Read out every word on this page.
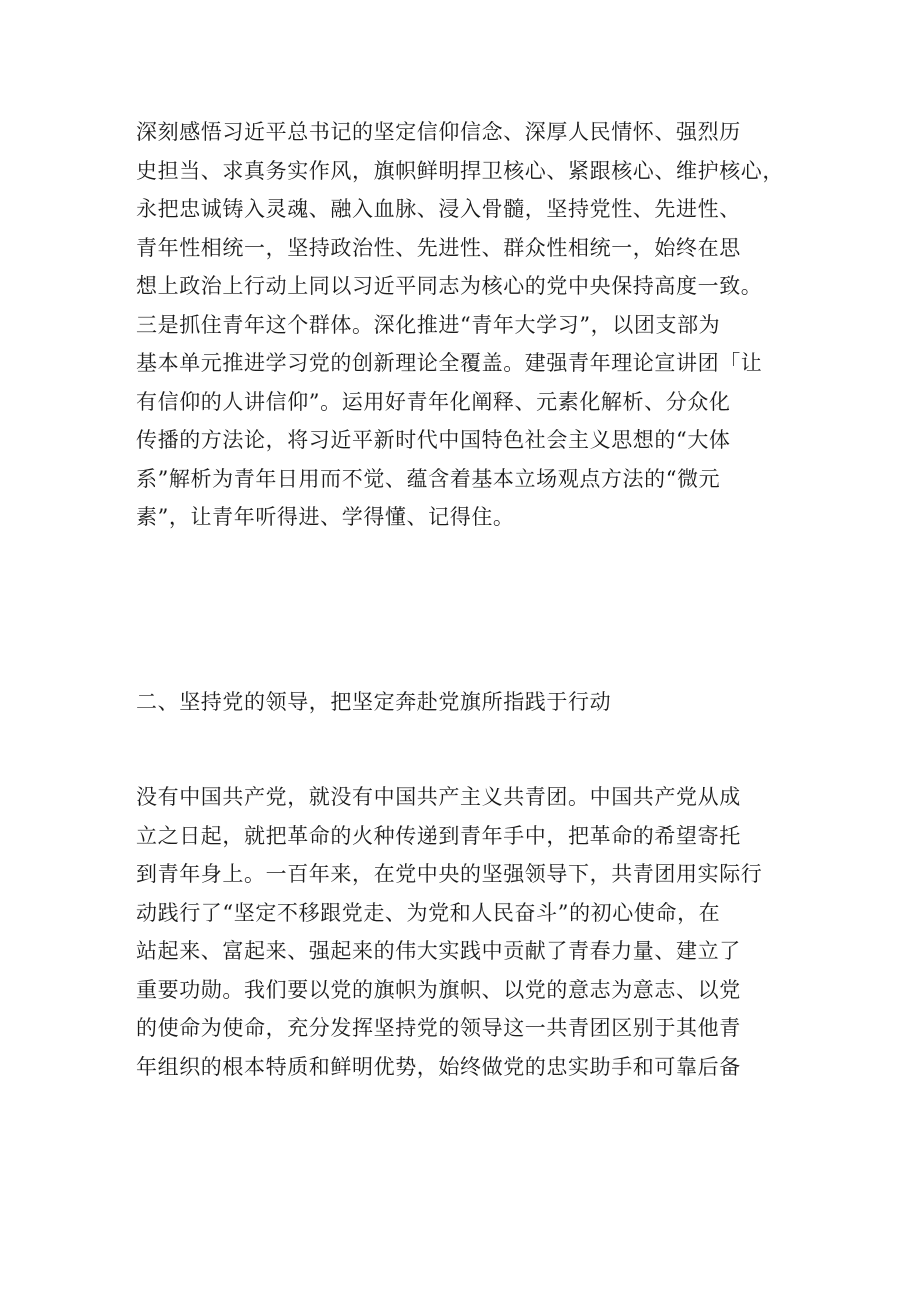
深刻感悟习近平总书记的坚定信仰信念、深厚人民情怀、强烈历
史担当、求真务实作风，旗帜鲜明捍卫核心、紧跟核心、维护核心，
永把忠诚铸入灵魂、融入血脉、浸入骨髓，坚持党性、先进性、
青年性相统一，坚持政治性、先进性、群众性相统一，始终在思
想上政治上行动上同以习近平同志为核心的党中央保持高度一致。
三是抓住青年这个群体。深化推进“青年大学习”，以团支部为
基本单元推进学习党的创新理论全覆盖。建强青年理论宣讲团「让
有信仰的人讲信仰”。运用好青年化阐释、元素化解析、分众化
传播的方法论，将习近平新时代中国特色社会主义思想的“大体
系”解析为青年日用而不觉、蕴含着基本立场观点方法的“微元
素”，让青年听得进、学得懂、记得住。
二、坚持党的领导，把坚定奔赴党旗所指践于行动
没有中国共产党，就没有中国共产主义共青团。中国共产党从成
立之日起，就把革命的火种传递到青年手中，把革命的希望寄托
到青年身上。一百年来，在党中央的坚强领导下，共青团用实际行
动践行了“坚定不移跟党走、为党和人民奋斗”的初心使命，在
站起来、富起来、强起来的伟大实践中贡献了青春力量、建立了
重要功勋。我们要以党的旗帜为旗帜、以党的意志为意志、以党
的使命为使命，充分发挥坚持党的领导这一共青团区别于其他青
年组织的根本特质和鲜明优势，始终做党的忠实助手和可靠后备
